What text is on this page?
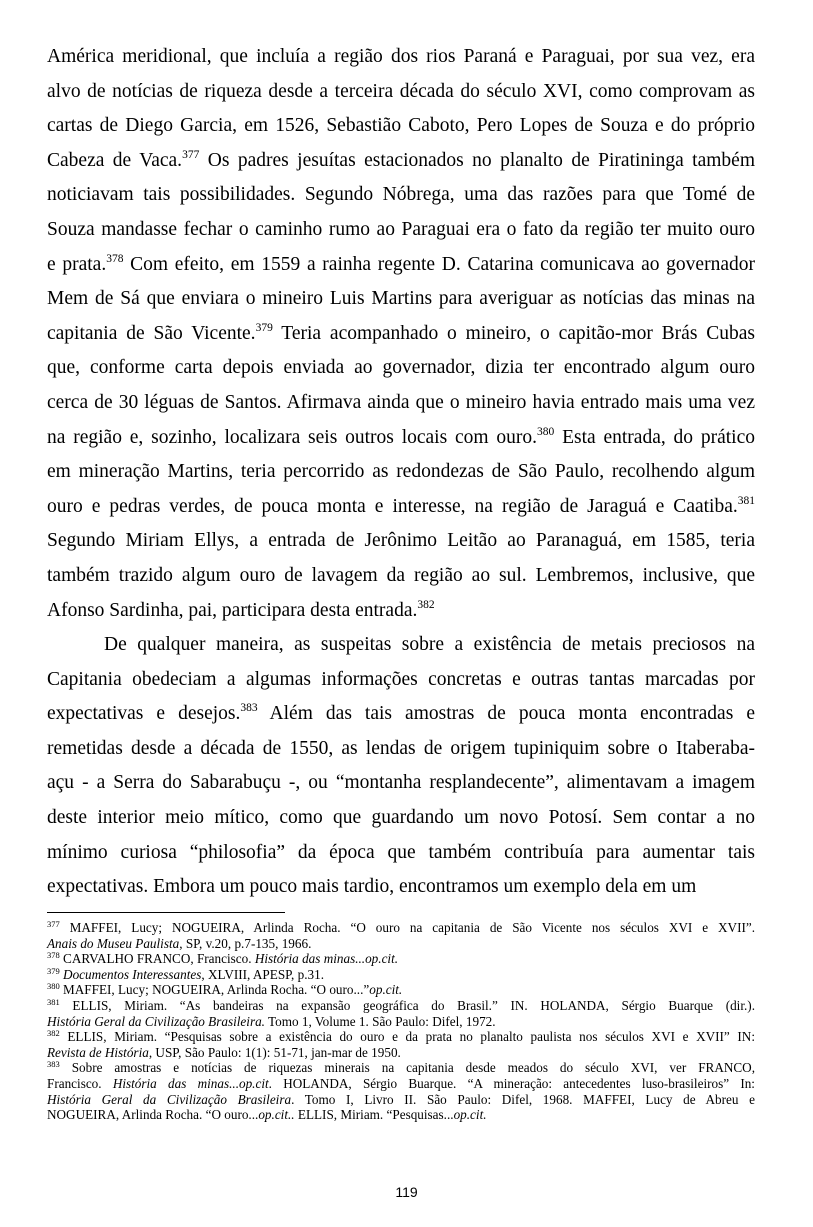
América meridional, que incluía a região dos rios Paraná e Paraguai, por sua vez, era
alvo de notícias de riqueza desde a terceira década do século XVI, como comprovam as
cartas de Diego Garcia, em 1526, Sebastião Caboto, Pero Lopes de Souza e do próprio
Cabeza de Vaca.$^{377}$ Os padres jesuítas estacionados no planalto de Piratininga também
noticiavam tais possibilidades. Segundo Nóbrega, uma das razões para que Tomé de
Souza mandasse fechar o caminho rumo ao Paraguai era o fato da região ter muito ouro
e prata.$^{378}$ Com efeito, em 1559 a rainha regente D. Catarina comunicava ao governador
Mem de Sá que enviara o mineiro Luis Martins para averiguar as notícias das minas na
capitania de São Vicente.$^{379}$ Teria acompanhado o mineiro, o capitão-mor Brás Cubas
que, conforme carta depois enviada ao governador, dizia ter encontrado algum ouro
cerca de 30 léguas de Santos. Afirmava ainda que o mineiro havia entrado mais uma vez
na região e, sozinho, localizara seis outros locais com ouro.$^{380}$ Esta entrada, do prático
em mineração Martins, teria percorrido as redondezas de São Paulo, recolhendo algum
ouro e pedras verdes, de pouca monta e interesse, na região de Jaraguá e Caatiba.$^{381}$
Segundo Miriam Ellys, a entrada de Jerônimo Leitão ao Paranaguá, em 1585, teria
também trazido algum ouro de lavagem da região ao sul. Lembremos, inclusive, que
Afonso Sardinha, pai, participara desta entrada.$^{382}$
De qualquer maneira, as suspeitas sobre a existência de metais preciosos na
Capitania obedeciam a algumas informações concretas e outras tantas marcadas por
expectativas e desejos.$^{383}$ Além das tais amostras de pouca monta encontradas e
remetidas desde a década de 1550, as lendas de origem tupiniquim sobre o Itaberaba-
açu - a Serra do Sabarabuçu -, ou “montanha resplandecente”, alimentavam a imagem
deste interior meio mítico, como que guardando um novo Potosí. Sem contar a no
mínimo curiosa “philosofia” da época que também contribuía para aumentar tais
expectativas. Embora um pouco mais tardio, encontramos um exemplo dela em um
$^{377}$ MAFFEI, Lucy; NOGUEIRA, Arlinda Rocha. “O ouro na capitania de São Vicente nos séculos XVI e XVII”.
Anais do Museu Paulista, SP, v.20, p.7-135, 1966.
$^{378}$ CARVALHO FRANCO, Francisco. História das minas...op.cit.
$^{379}$ Documentos Interessantes, XLVIII, APESP, p.31.
$^{380}$ MAFFEI, Lucy; NOGUEIRA, Arlinda Rocha. “O ouro...”op.cit.
$^{381}$ ELLIS, Miriam. “As bandeiras na expansão geográfica do Brasil.” IN. HOLANDA, Sérgio Buarque (dir.).
História Geral da Civilização Brasileira. Tomo 1, Volume 1. São Paulo: Difel, 1972.
$^{382}$ ELLIS, Miriam. “Pesquisas sobre a existência do ouro e da prata no planalto paulista nos séculos XVI e XVII” IN:
Revista de História, USP, São Paulo: 1(1): 51-71, jan-mar de 1950.
$^{383}$ Sobre amostras e notícias de riquezas minerais na capitania desde meados do século XVI, ver FRANCO,
Francisco. História das minas...op.cit. HOLANDA, Sérgio Buarque. “A mineração: antecedentes luso-brasileiros” In:
História Geral da Civilização Brasileira. Tomo I, Livro II. São Paulo: Difel, 1968. MAFFEI, Lucy de Abreu e
NOGUEIRA, Arlinda Rocha. “O ouro...op.cit.. ELLIS, Miriam. “Pesquisas...op.cit.
119
